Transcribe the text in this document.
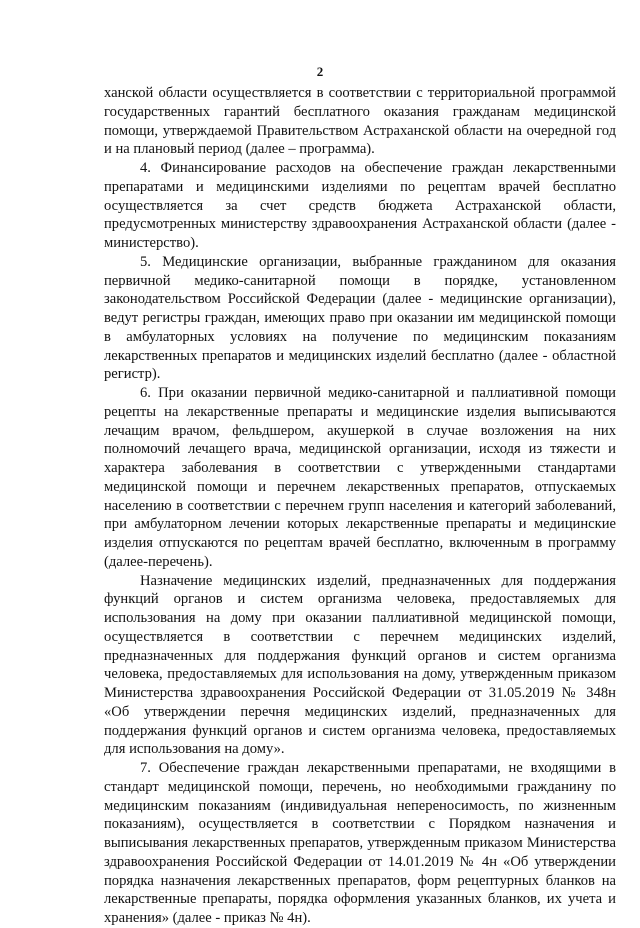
2

ханской области осуществляется в соответствии с территориальной программой государственных гарантий бесплатного оказания гражданам медицинской помощи, утверждаемой Правительством Астраханской области на очередной год и на плановый период (далее – программа).

4. Финансирование расходов на обеспечение граждан лекарственными препаратами и медицинскими изделиями по рецептам врачей бесплатно осуществляется за счет средств бюджета Астраханской области, предусмотренных министерству здравоохранения Астраханской области (далее - министерство).

5. Медицинские организации, выбранные гражданином для оказания первичной медико-санитарной помощи в порядке, установленном законодательством Российской Федерации (далее - медицинские организации), ведут регистры граждан, имеющих право при оказании им медицинской помощи в амбулаторных условиях на получение по медицинским показаниям лекарственных препаратов и медицинских изделий бесплатно (далее - областной регистр).

6. При оказании первичной медико-санитарной и паллиативной помощи рецепты на лекарственные препараты и медицинские изделия выписываются лечащим врачом, фельдшером, акушеркой в случае возложения на них полномочий лечащего врача, медицинской организации, исходя из тяжести и характера заболевания в соответствии с утвержденными стандартами медицинской помощи и перечнем лекарственных препаратов, отпускаемых населению в соответствии с перечнем групп населения и категорий заболеваний, при амбулаторном лечении которых лекарственные препараты и медицинские изделия отпускаются по рецептам врачей бесплатно, включенным в программу (далее-перечень).

Назначение медицинских изделий, предназначенных для поддержания функций органов и систем организма человека, предоставляемых для использования на дому при оказании паллиативной медицинской помощи, осуществляется в соответствии с перечнем медицинских изделий, предназначенных для поддержания функций органов и систем организма человека, предоставляемых для использования на дому, утвержденным приказом Министерства здравоохранения Российской Федерации от 31.05.2019 № 348н «Об утверждении перечня медицинских изделий, предназначенных для поддержания функций органов и систем организма человека, предоставляемых для использования на дому».

7. Обеспечение граждан лекарственными препаратами, не входящими в стандарт медицинской помощи, перечень, но необходимыми гражданину по медицинским показаниям (индивидуальная непереносимость, по жизненным показаниям), осуществляется в соответствии с Порядком назначения и выписывания лекарственных препаратов, утвержденным приказом Министерства здравоохранения Российской Федерации от 14.01.2019 № 4н «Об утверждении порядка назначения лекарственных препаратов, форм рецептурных бланков на лекарственные препараты, порядка оформления указанных бланков, их учета и хранения» (далее - приказ № 4н).
